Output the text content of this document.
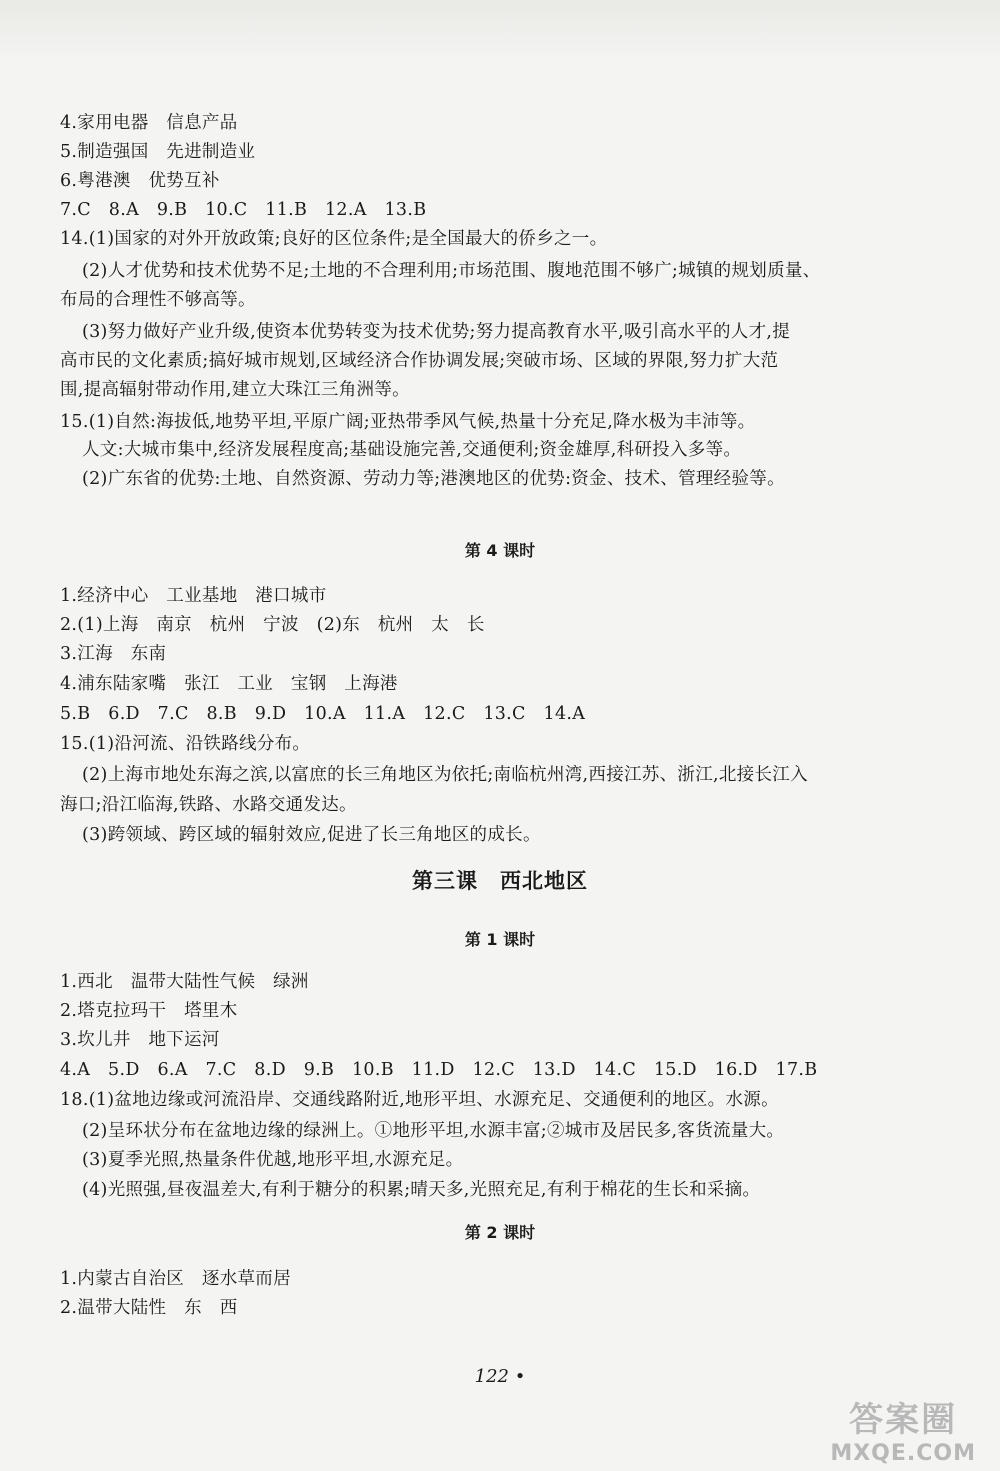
4.家用电器　信息产品
5.制造强国　先进制造业
6.粤港澳　优势互补
7.C　8.A　9.B　10.C　11.B　12.A　13.B
14.(1)国家的对外开放政策;良好的区位条件;是全国最大的侨乡之一。
(2)人才优势和技术优势不足;土地的不合理利用;市场范围、腹地范围不够广;城镇的规划质量、
布局的合理性不够高等。
(3)努力做好产业升级,使资本优势转变为技术优势;努力提高教育水平,吸引高水平的人才,提
高市民的文化素质;搞好城市规划,区域经济合作协调发展;突破市场、区域的界限,努力扩大范
围,提高辐射带动作用,建立大珠江三角洲等。
15.(1)自然:海拔低,地势平坦,平原广阔;亚热带季风气候,热量十分充足,降水极为丰沛等。
人文:大城市集中,经济发展程度高;基础设施完善,交通便利;资金雄厚,科研投入多等。
(2)广东省的优势:土地、自然资源、劳动力等;港澳地区的优势:资金、技术、管理经验等。
第 4 课时
1.经济中心　工业基地　港口城市
2.(1)上海　南京　杭州　宁波　(2)东　杭州　太　长
3.江海　东南
4.浦东陆家嘴　张江　工业　宝钢　上海港
5.B　6.D　7.C　8.B　9.D　10.A　11.A　12.C　13.C　14.A
15.(1)沿河流、沿铁路线分布。
(2)上海市地处东海之滨,以富庶的长三角地区为依托;南临杭州湾,西接江苏、浙江,北接长江入
海口;沿江临海,铁路、水路交通发达。
(3)跨领域、跨区域的辐射效应,促进了长三角地区的成长。
第三课　西北地区
第 1 课时
1.西北　温带大陆性气候　绿洲
2.塔克拉玛干　塔里木
3.坎儿井　地下运河
4.A　5.D　6.A　7.C　8.D　9.B　10.B　11.D　12.C　13.D　14.C　15.D　16.D　17.B
18.(1)盆地边缘或河流沿岸、交通线路附近,地形平坦、水源充足、交通便利的地区。水源。
(2)呈环状分布在盆地边缘的绿洲上。①地形平坦,水源丰富;②城市及居民多,客货流量大。
(3)夏季光照,热量条件优越,地形平坦,水源充足。
(4)光照强,昼夜温差大,有利于糖分的积累;晴天多,光照充足,有利于棉花的生长和采摘。
第 2 课时
1.内蒙古自治区　逐水草而居
2.温带大陆性　东　西
122 •
答案圈
MXQE.COM
